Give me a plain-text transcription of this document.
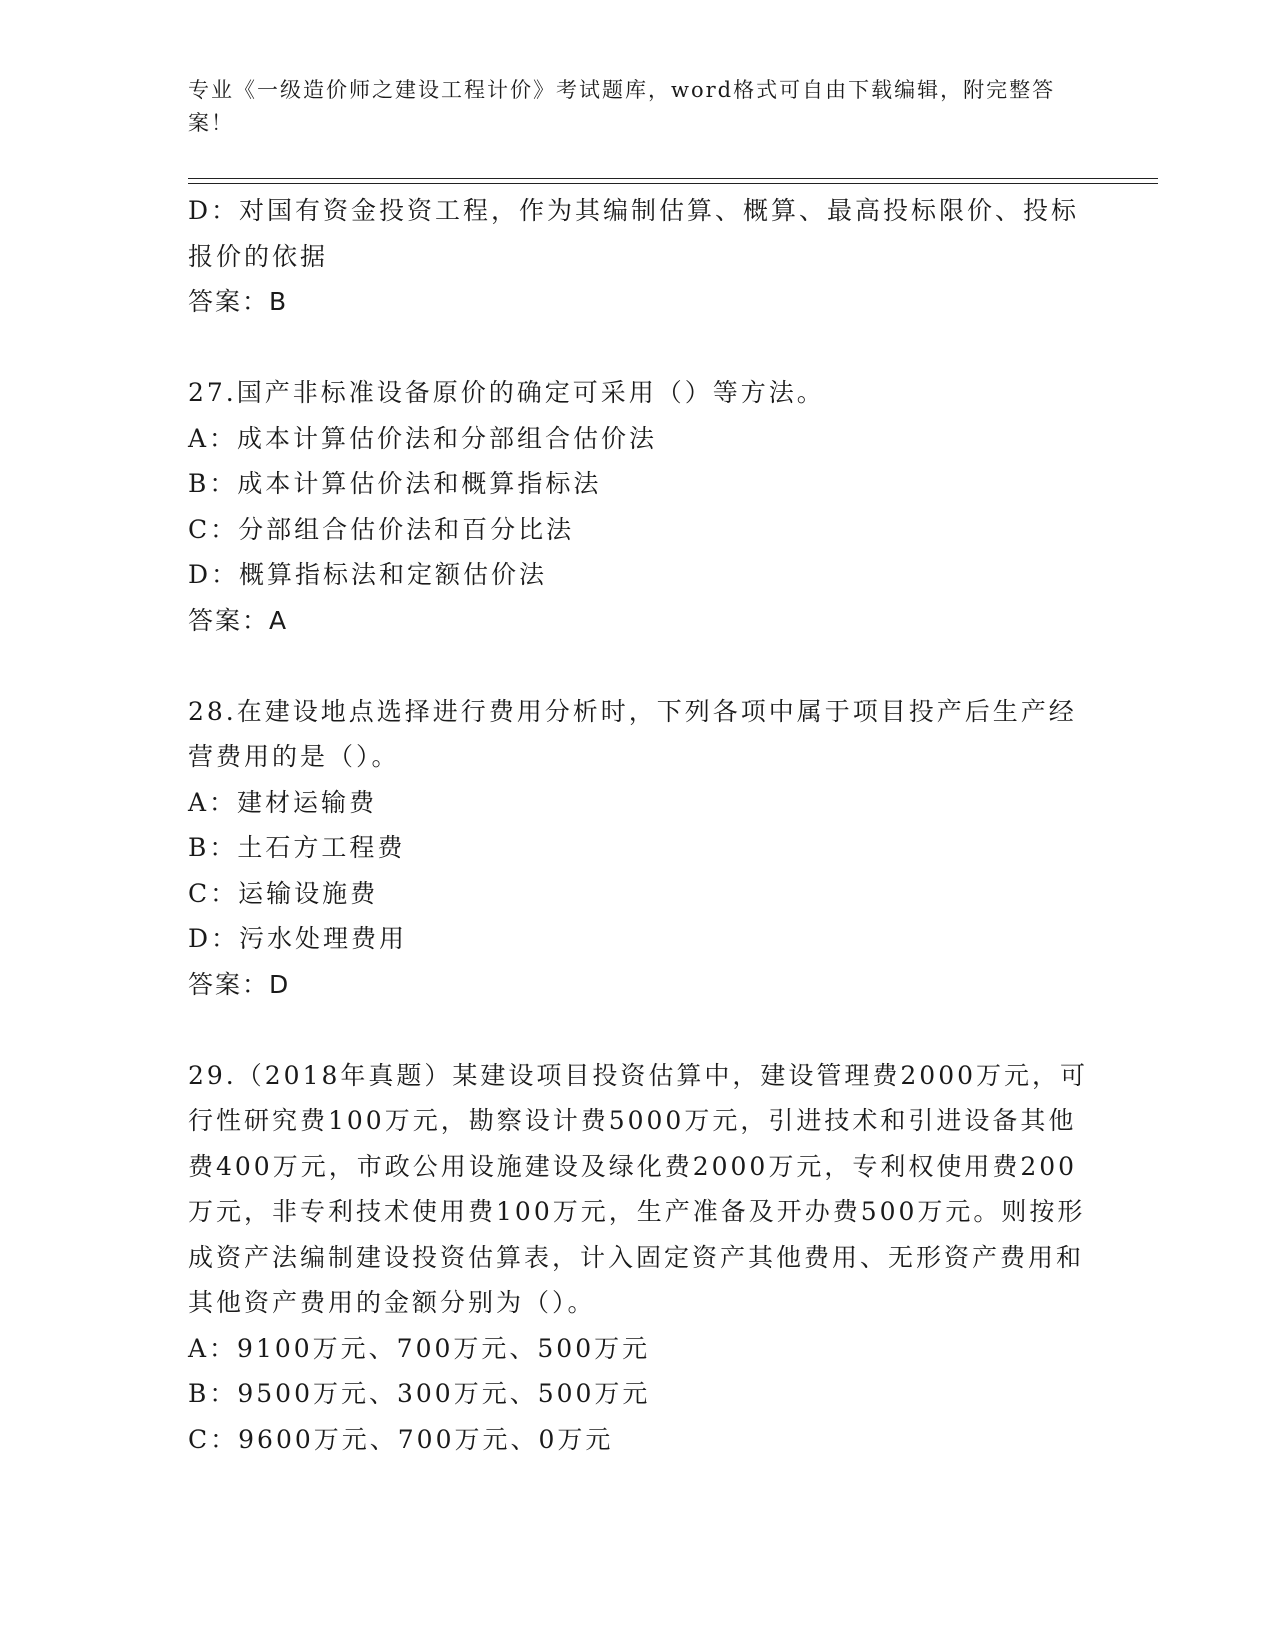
专业《一级造价师之建设工程计价》考试题库，word格式可自由下载编辑，附完整答案！
D：对国有资金投资工程，作为其编制估算、概算、最高投标限价、投标报价的依据
答案：B
27.国产非标准设备原价的确定可采用（）等方法。
A：成本计算估价法和分部组合估价法
B：成本计算估价法和概算指标法
C：分部组合估价法和百分比法
D：概算指标法和定额估价法
答案：A
28.在建设地点选择进行费用分析时，下列各项中属于项目投产后生产经营费用的是（）。
A：建材运输费
B：土石方工程费
C：运输设施费
D：污水处理费用
答案：D
29.（2018年真题）某建设项目投资估算中，建设管理费2000万元，可行性研究费100万元，勘察设计费5000万元，引进技术和引进设备其他费400万元，市政公用设施建设及绿化费2000万元，专利权使用费200万元，非专利技术使用费100万元，生产准备及开办费500万元。则按形成资产法编制建设投资估算表，计入固定资产其他费用、无形资产费用和其他资产费用的金额分别为（）。
A：9100万元、700万元、500万元
B：9500万元、300万元、500万元
C：9600万元、700万元、0万元
